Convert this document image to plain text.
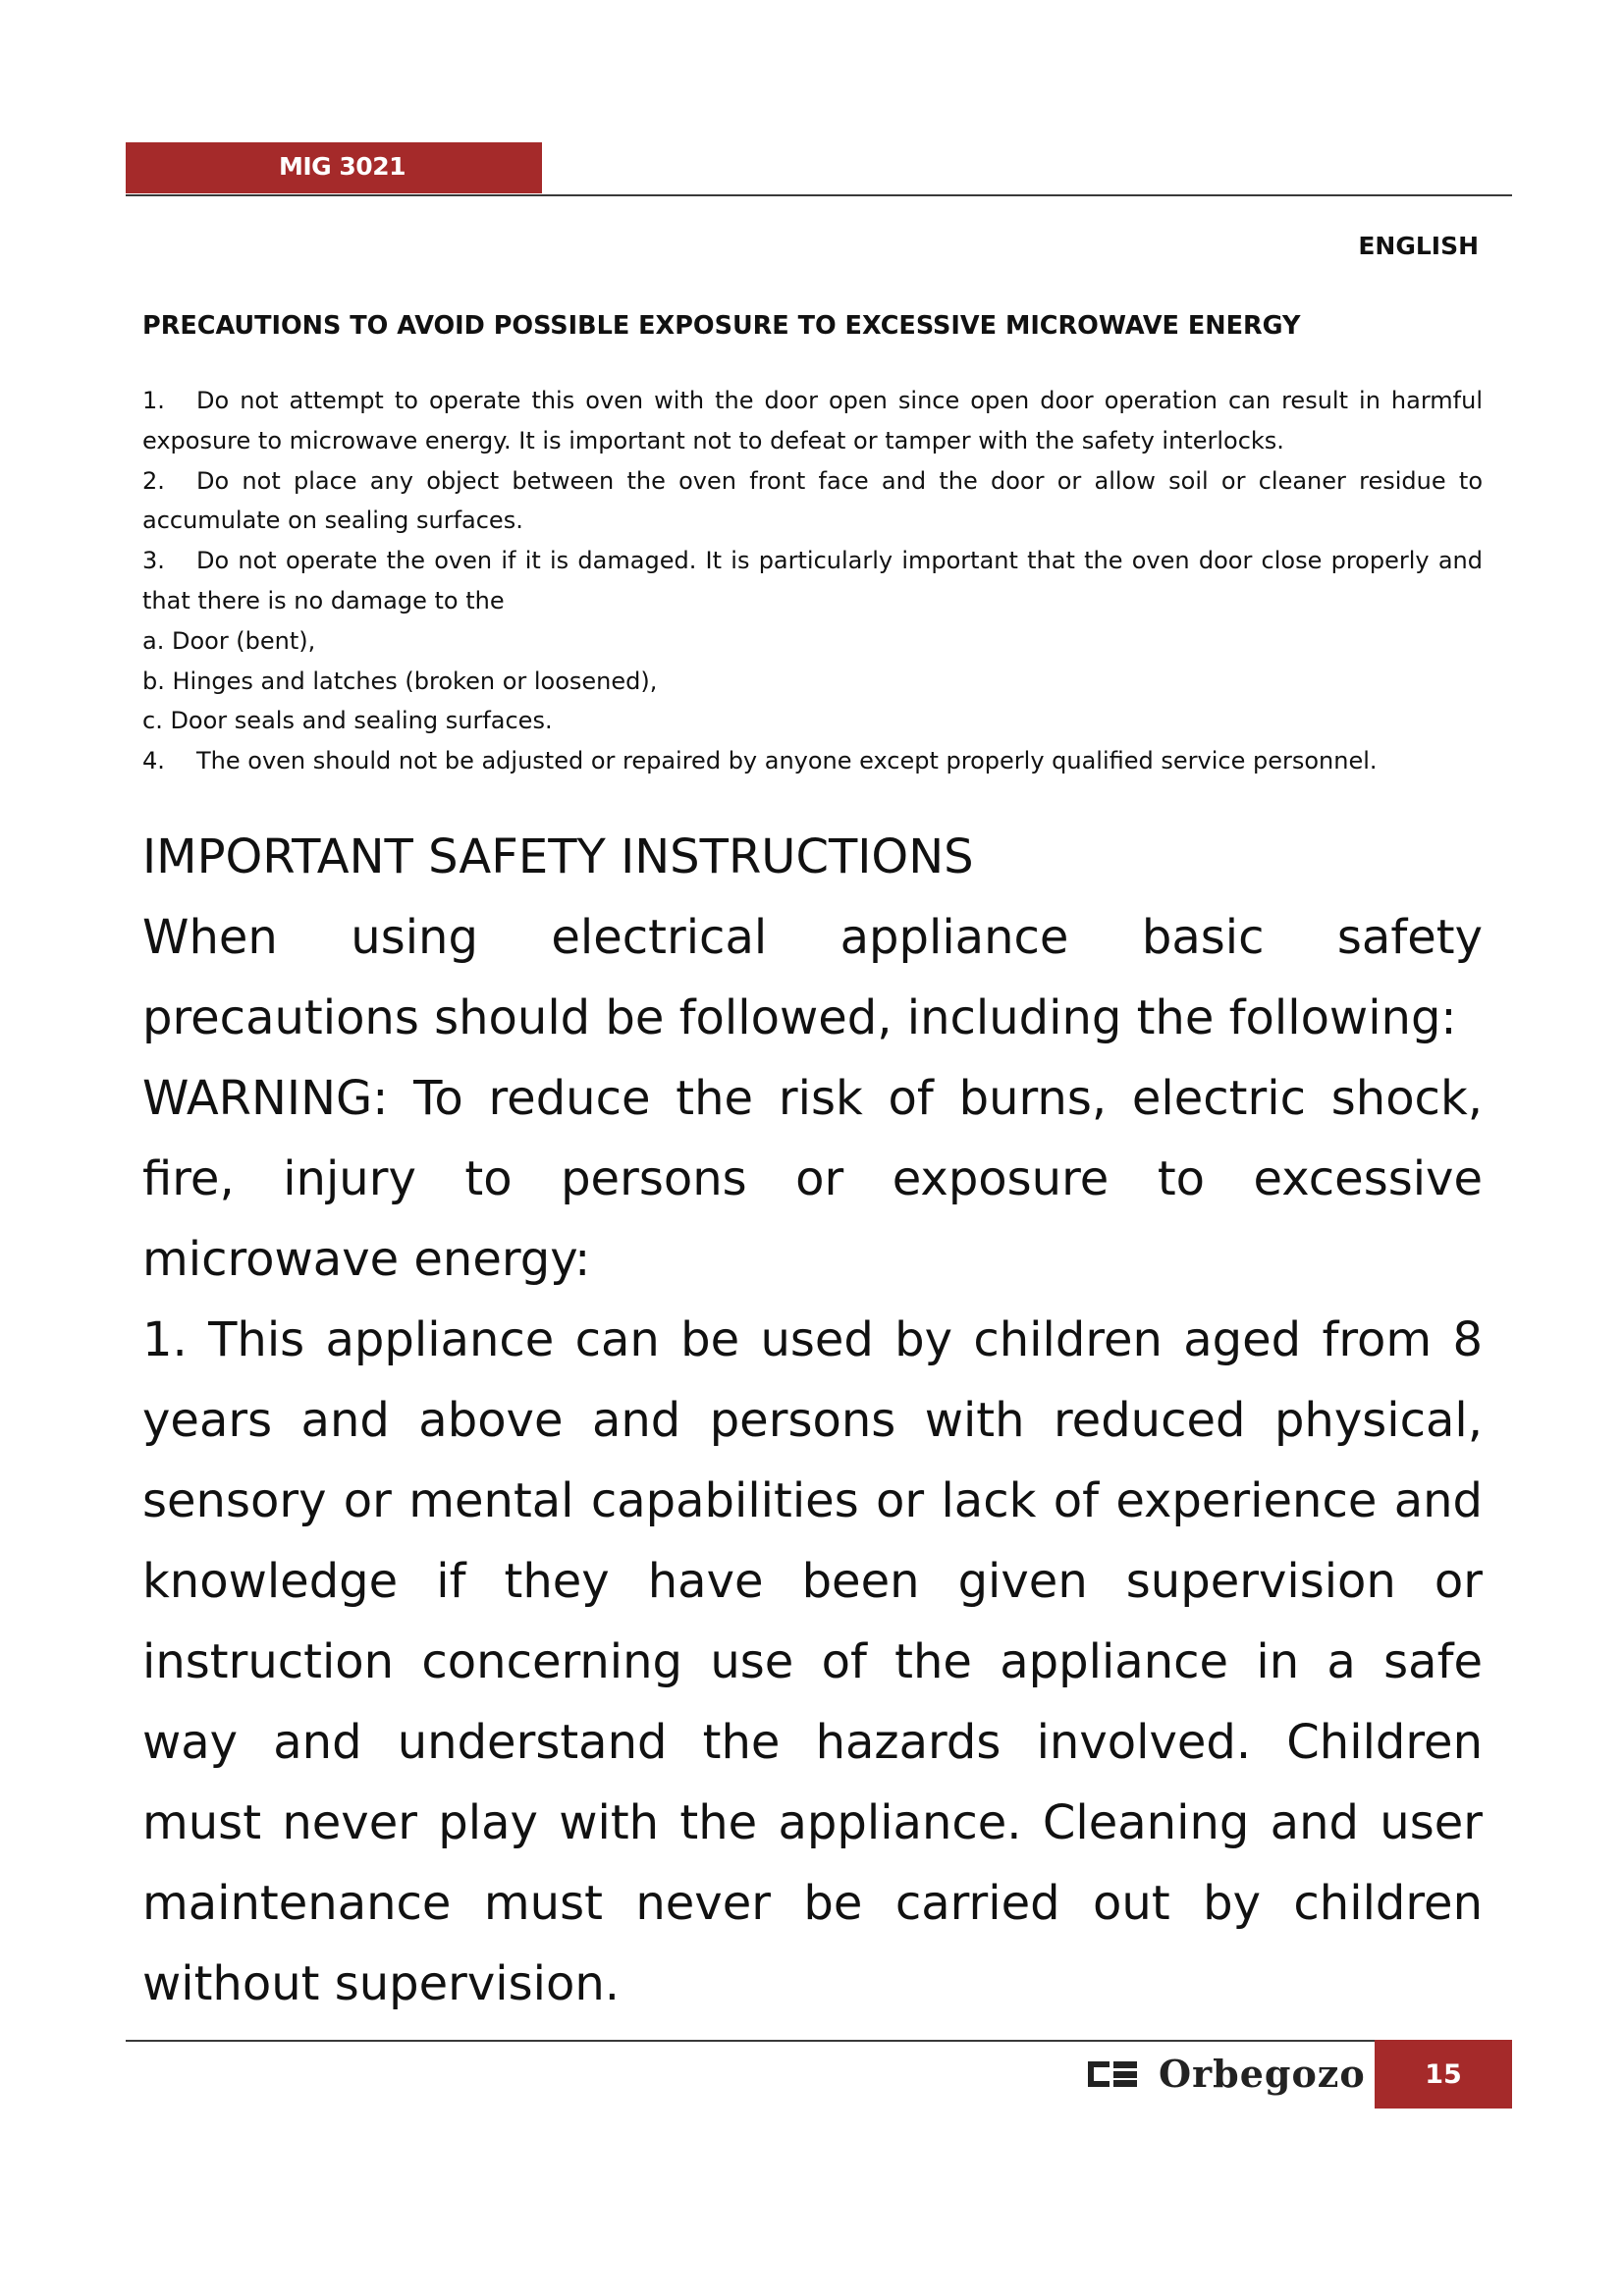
MIG 3021
ENGLISH

PRECAUTIONS TO AVOID POSSIBLE EXPOSURE TO EXCESSIVE MICROWAVE ENERGY

1. Do not attempt to operate this oven with the door open since open door operation can result in harmful exposure to microwave energy. It is important not to defeat or tamper with the safety interlocks.

2. Do not place any object between the oven front face and the door or allow soil or cleaner residue to accumulate on sealing surfaces.

3. Do not operate the oven if it is damaged. It is particularly important that the oven door close properly and that there is no damage to the

a. Door (bent),

b. Hinges and latches (broken or loosened),

c. Door seals and sealing surfaces.

4. The oven should not be adjusted or repaired by anyone except properly qualified service personnel.

IMPORTANT SAFETY INSTRUCTIONS

When using electrical appliance basic safety precautions should be followed, including the following:

WARNING: To reduce the risk of burns, electric shock, fire, injury to persons or exposure to excessive microwave energy:

1. This appliance can be used by children aged from 8 years and above and persons with reduced physical, sensory or mental capabilities or lack of experience and knowledge if they have been given supervision or instruction concerning use of the appliance in a safe way and understand the hazards involved. Children must never play with the appliance. Cleaning and user maintenance must never be carried out by children without supervision.

Orbegozo 15
